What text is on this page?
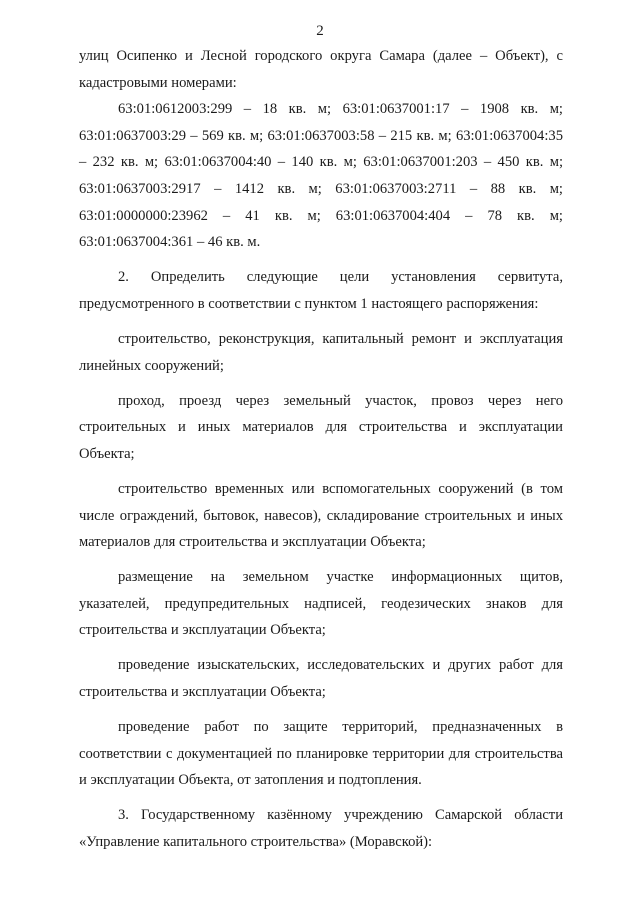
2

улиц Осипенко и Лесной городского округа Самара (далее – Объект), с кадастровыми номерами:

63:01:0612003:299 – 18 кв. м; 63:01:0637001:17 – 1908 кв. м; 63:01:0637003:29 – 569 кв. м; 63:01:0637003:58 – 215 кв. м; 63:01:0637004:35 – 232 кв. м; 63:01:0637004:40 – 140 кв. м; 63:01:0637001:203 – 450 кв. м; 63:01:0637003:2917 – 1412 кв. м; 63:01:0637003:2711 – 88 кв. м; 63:01:0000000:23962 – 41 кв. м; 63:01:0637004:404 – 78 кв. м; 63:01:0637004:361 – 46 кв. м.

2. Определить следующие цели установления сервитута, предусмотренного в соответствии с пунктом 1 настоящего распоряжения:

строительство, реконструкция, капитальный ремонт и эксплуатация линейных сооружений;

проход, проезд через земельный участок, провоз через него строительных и иных материалов для строительства и эксплуатации Объекта;

строительство временных или вспомогательных сооружений (в том числе ограждений, бытовок, навесов), складирование строительных и иных материалов для строительства и эксплуатации Объекта;

размещение на земельном участке информационных щитов, указателей, предупредительных надписей, геодезических знаков для строительства и эксплуатации Объекта;

проведение изыскательских, исследовательских и других работ для строительства и эксплуатации Объекта;

проведение работ по защите территорий, предназначенных в соответствии с документацией по планировке территории для строительства и эксплуатации Объекта, от затопления и подтопления.

3. Государственному казённому учреждению Самарской области «Управление капитального строительства» (Моравской):
